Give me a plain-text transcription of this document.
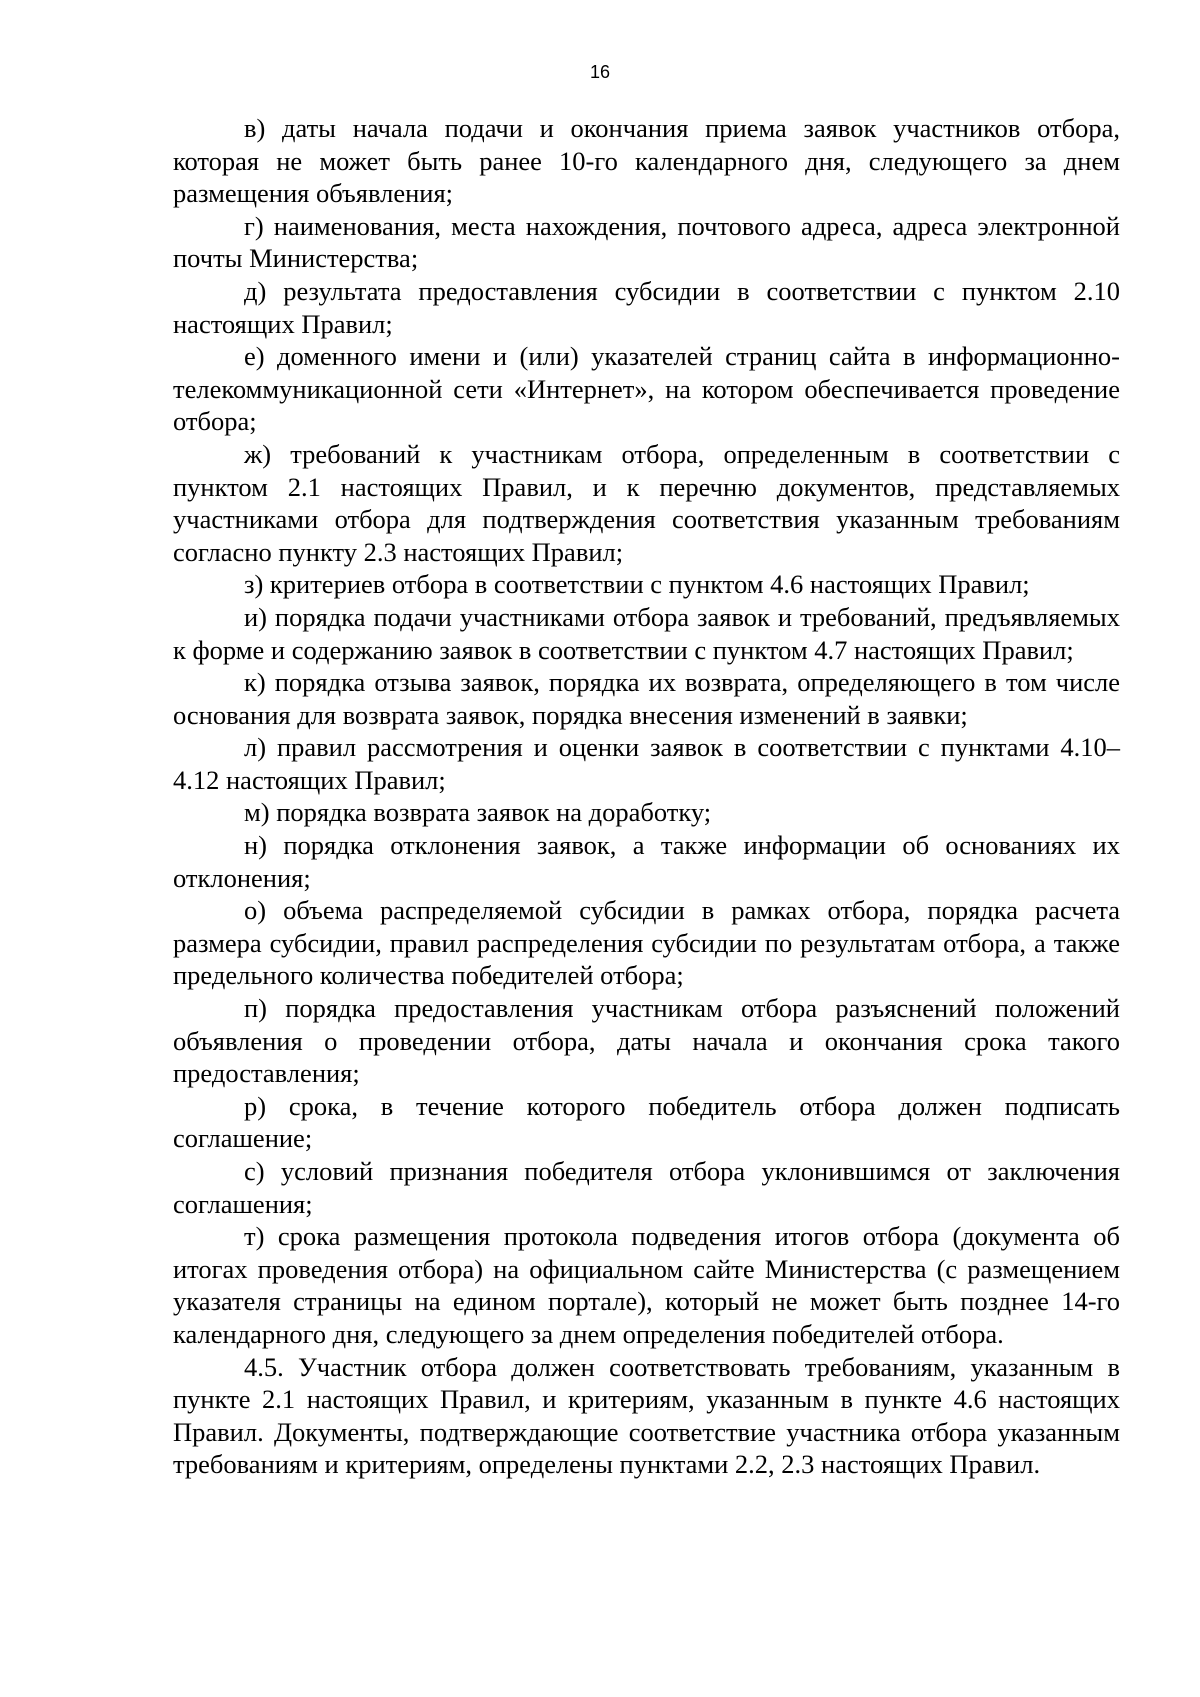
16

в) даты начала подачи и окончания приема заявок участников отбора, которая не может быть ранее 10-го календарного дня, следующего за днем размещения объявления;

г) наименования, места нахождения, почтового адреса, адреса электронной почты Министерства;

д) результата предоставления субсидии в соответствии с пунктом 2.10 настоящих Правил;

е) доменного имени и (или) указателей страниц сайта в информационно-телекоммуникационной сети «Интернет», на котором обеспечивается проведение отбора;

ж) требований к участникам отбора, определенным в соответствии с пунктом 2.1 настоящих Правил, и к перечню документов, представляемых участниками отбора для подтверждения соответствия указанным требованиям согласно пункту 2.3 настоящих Правил;

з) критериев отбора в соответствии с пунктом 4.6 настоящих Правил;

и) порядка подачи участниками отбора заявок и требований, предъявляемых к форме и содержанию заявок в соответствии с пунктом 4.7 настоящих Правил;

к) порядка отзыва заявок, порядка их возврата, определяющего в том числе основания для возврата заявок, порядка внесения изменений в заявки;

л) правил рассмотрения и оценки заявок в соответствии с пунктами 4.10–4.12 настоящих Правил;

м) порядка возврата заявок на доработку;

н) порядка отклонения заявок, а также информации об основаниях их отклонения;

о) объема распределяемой субсидии в рамках отбора, порядка расчета размера субсидии, правил распределения субсидии по результатам отбора, а также предельного количества победителей отбора;

п) порядка предоставления участникам отбора разъяснений положений объявления о проведении отбора, даты начала и окончания срока такого предоставления;

р) срока, в течение которого победитель отбора должен подписать соглашение;

с) условий признания победителя отбора уклонившимся от заключения соглашения;

т) срока размещения протокола подведения итогов отбора (документа об итогах проведения отбора) на официальном сайте Министерства (с размещением указателя страницы на едином портале), который не может быть позднее 14-го календарного дня, следующего за днем определения победителей отбора.

4.5. Участник отбора должен соответствовать требованиям, указанным в пункте 2.1 настоящих Правил, и критериям, указанным в пункте 4.6 настоящих Правил. Документы, подтверждающие соответствие участника отбора указанным требованиям и критериям, определены пунктами 2.2, 2.3 настоящих Правил.
